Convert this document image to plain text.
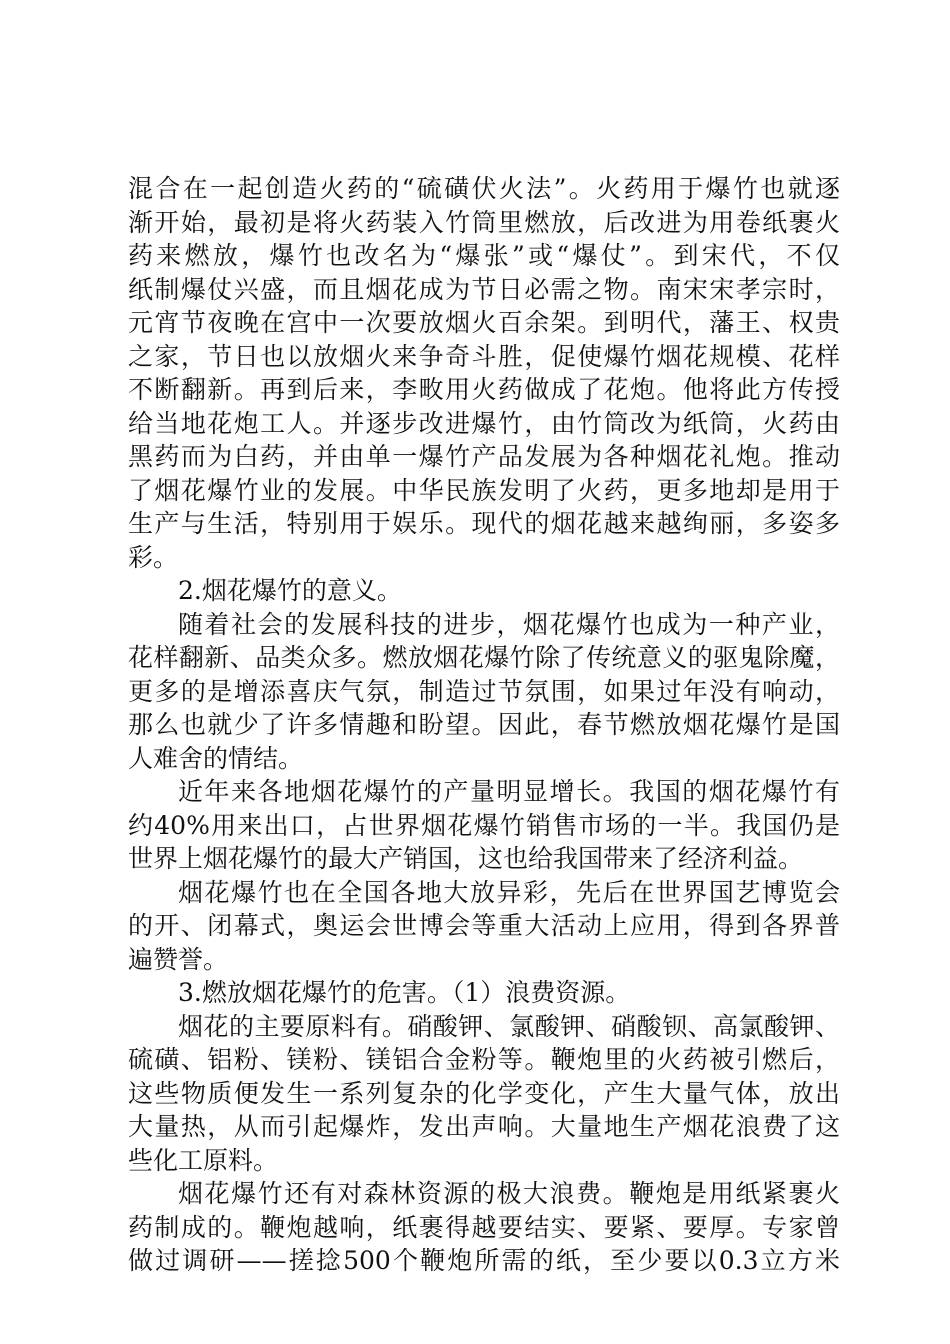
混合在一起创造火药的“硫磺伏火法”。火药用于爆竹也就逐
渐开始，最初是将火药装入竹筒里燃放，后改进为用卷纸裹火
药来燃放，爆竹也改名为“爆张”或“爆仗”。到宋代，不仅
纸制爆仗兴盛，而且烟花成为节日必需之物。南宋宋孝宗时，
元宵节夜晚在宫中一次要放烟火百余架。到明代，藩王、权贵
之家，节日也以放烟火来争奇斗胜，促使爆竹烟花规模、花样
不断翻新。再到后来，李畋用火药做成了花炮。他将此方传授
给当地花炮工人。并逐步改进爆竹，由竹筒改为纸筒，火药由
黑药而为白药，并由单一爆竹产品发展为各种烟花礼炮。推动
了烟花爆竹业的发展。中华民族发明了火药，更多地却是用于
生产与生活，特别用于娱乐。现代的烟花越来越绚丽，多姿多
彩。
2.烟花爆竹的意义。
随着社会的发展科技的进步，烟花爆竹也成为一种产业，
花样翻新、品类众多。燃放烟花爆竹除了传统意义的驱鬼除魔，
更多的是增添喜庆气氛，制造过节氛围，如果过年没有响动，
那么也就少了许多情趣和盼望。因此，春节燃放烟花爆竹是国
人难舍的情结。
近年来各地烟花爆竹的产量明显增长。我国的烟花爆竹有
约40%用来出口，占世界烟花爆竹销售市场的一半。我国仍是
世界上烟花爆竹的最大产销国，这也给我国带来了经济利益。
烟花爆竹也在全国各地大放异彩，先后在世界国艺博览会
的开、闭幕式，奥运会世博会等重大活动上应用，得到各界普
遍赞誉。
3.燃放烟花爆竹的危害。（1）浪费资源。
烟花的主要原料有。硝酸钾、氯酸钾、硝酸钡、高氯酸钾、
硫磺、铝粉、镁粉、镁铝合金粉等。鞭炮里的火药被引燃后，
这些物质便发生一系列复杂的化学变化，产生大量气体，放出
大量热，从而引起爆炸，发出声响。大量地生产烟花浪费了这
些化工原料。
烟花爆竹还有对森林资源的极大浪费。鞭炮是用纸紧裹火
药制成的。鞭炮越响，纸裹得越要结实、要紧、要厚。专家曾
做过调研——搓捻500个鞭炮所需的纸，至少要以0.3立方米
